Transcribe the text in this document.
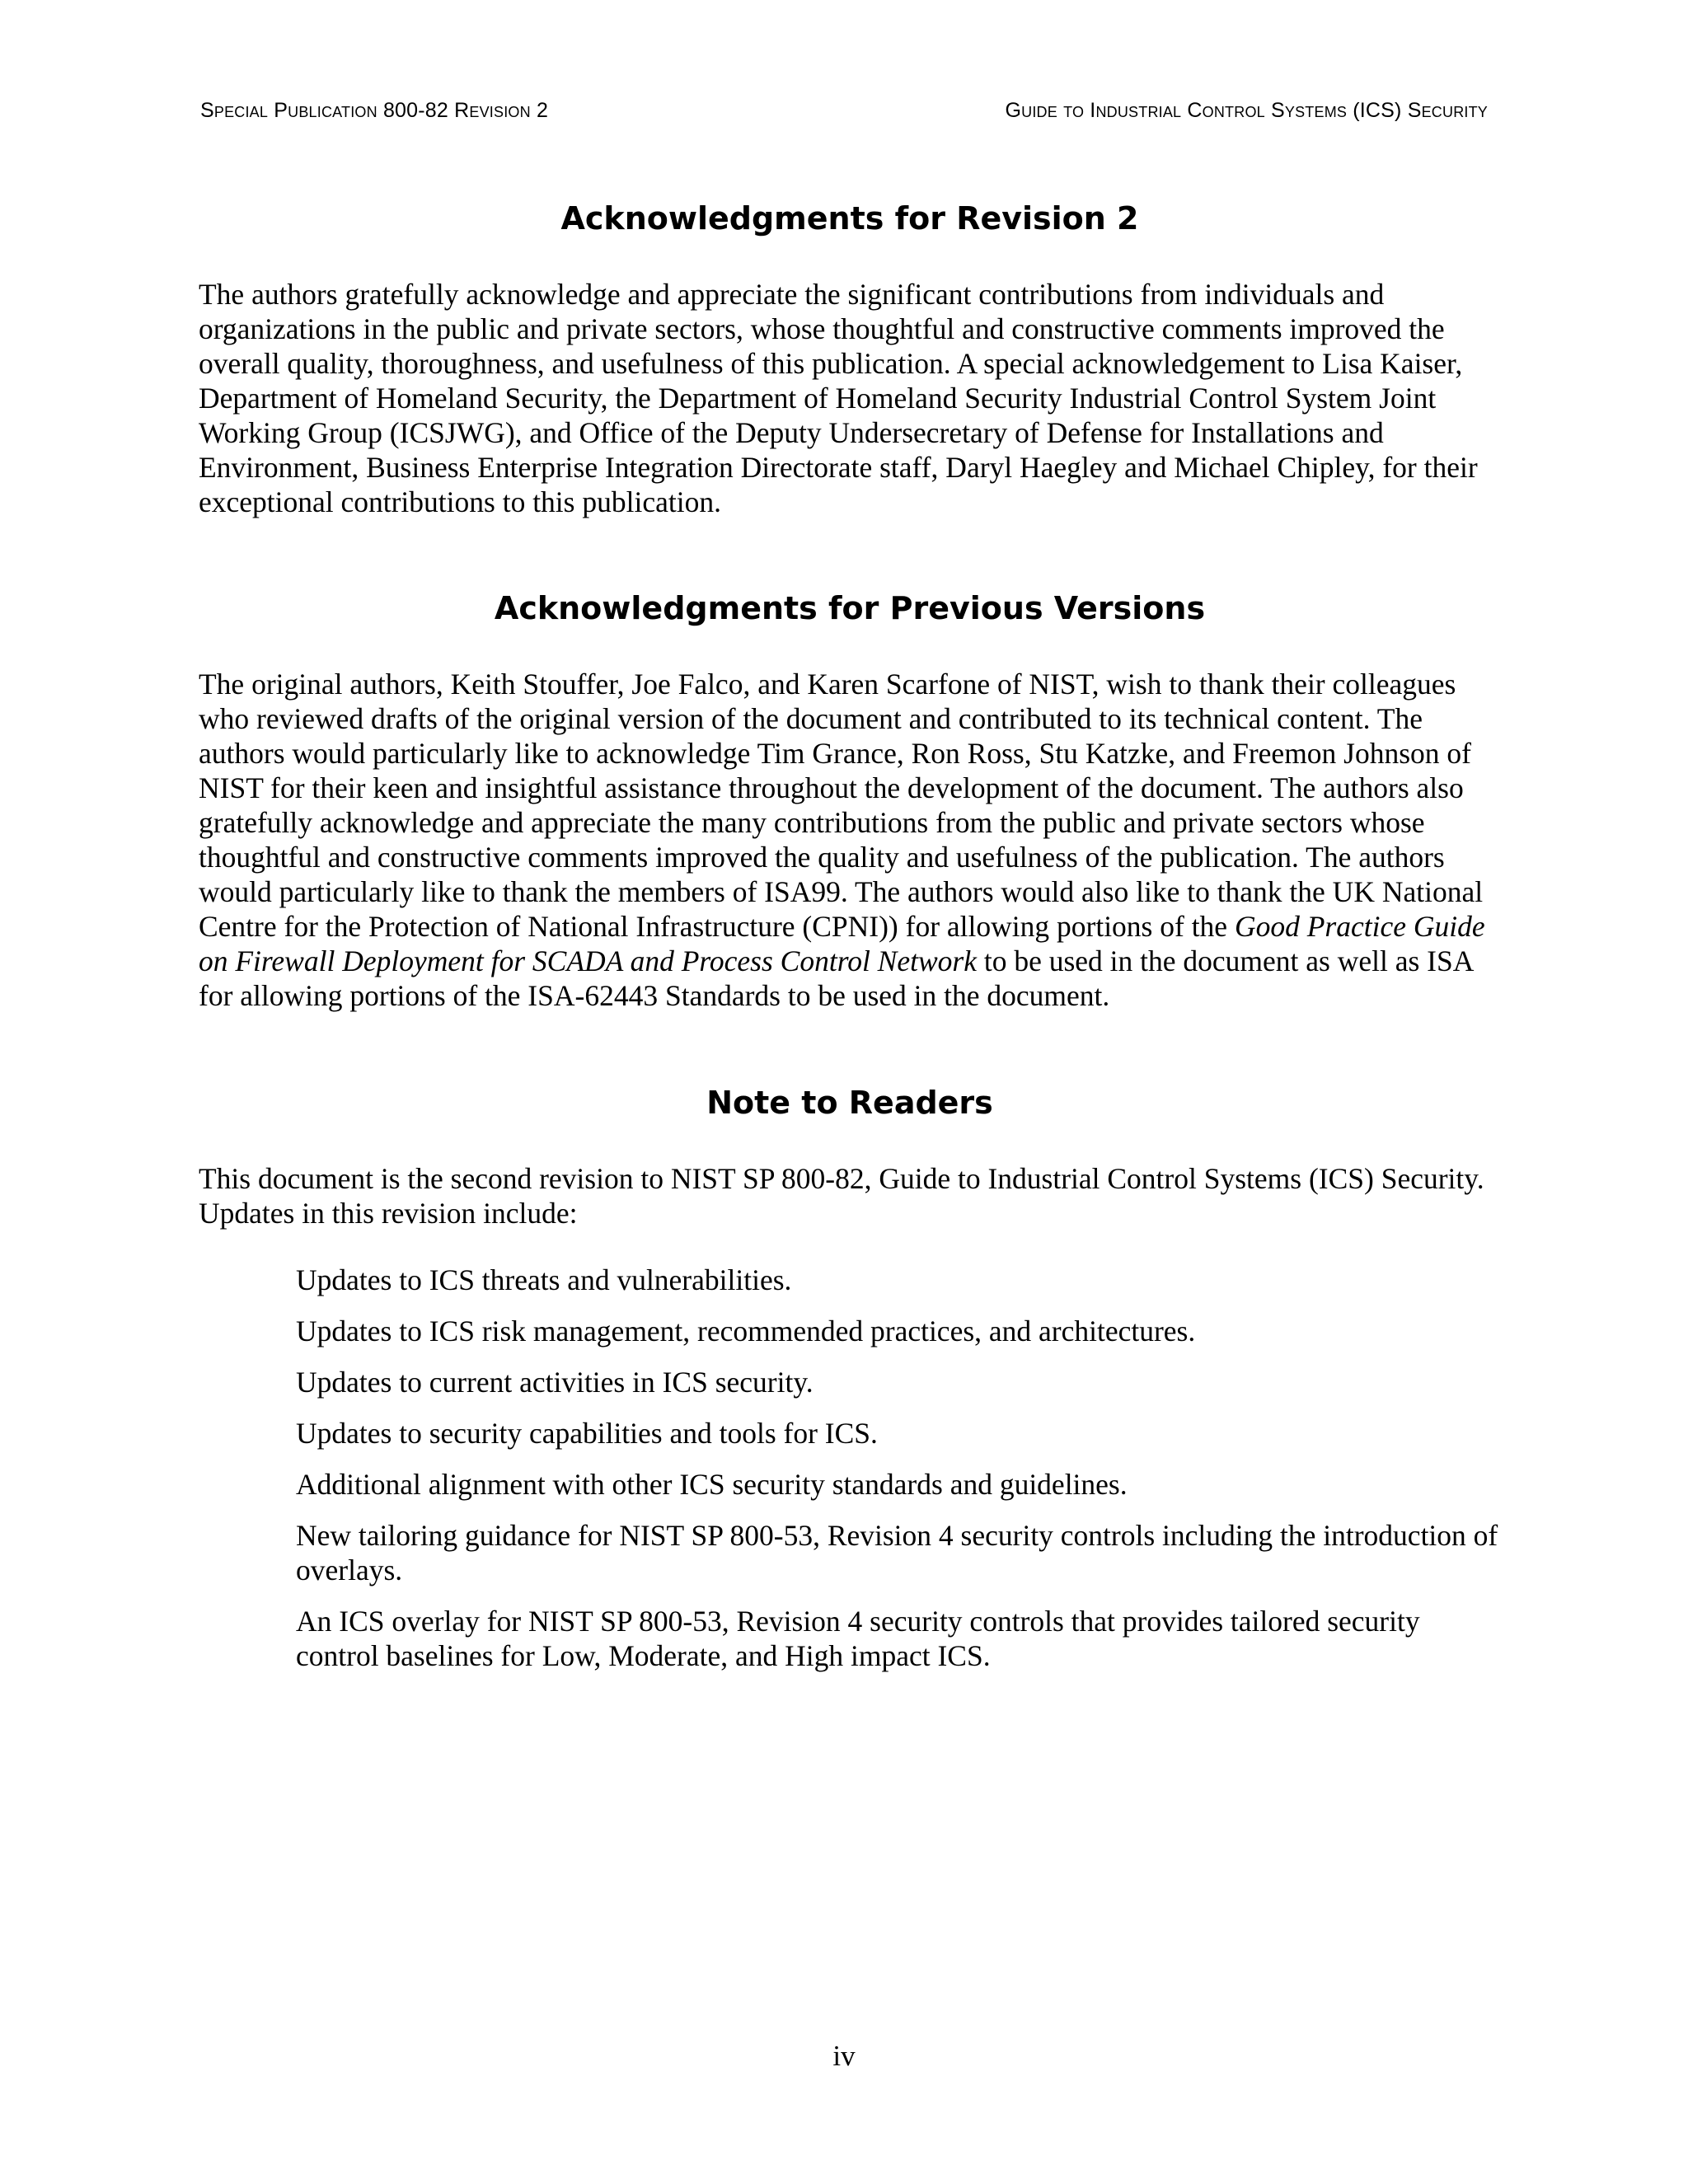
Special Publication 800-82 Revision 2	Guide to Industrial Control Systems (ICS) Security
Acknowledgments for Revision 2

The authors gratefully acknowledge and appreciate the significant contributions from individuals and organizations in the public and private sectors, whose thoughtful and constructive comments improved the overall quality, thoroughness, and usefulness of this publication. A special acknowledgement to Lisa Kaiser, Department of Homeland Security, the Department of Homeland Security Industrial Control System Joint Working Group (ICSJWG), and Office of the Deputy Undersecretary of Defense for Installations and Environment, Business Enterprise Integration Directorate staff, Daryl Haegley and Michael Chipley, for their exceptional contributions to this publication.

Acknowledgments for Previous Versions

The original authors, Keith Stouffer, Joe Falco, and Karen Scarfone of NIST, wish to thank their colleagues who reviewed drafts of the original version of the document and contributed to its technical content. The authors would particularly like to acknowledge Tim Grance, Ron Ross, Stu Katzke, and Freemon Johnson of NIST for their keen and insightful assistance throughout the development of the document. The authors also gratefully acknowledge and appreciate the many contributions from the public and private sectors whose thoughtful and constructive comments improved the quality and usefulness of the publication. The authors would particularly like to thank the members of ISA99. The authors would also like to thank the UK National Centre for the Protection of National Infrastructure (CPNI)) for allowing portions of the Good Practice Guide on Firewall Deployment for SCADA and Process Control Network to be used in the document as well as ISA for allowing portions of the ISA-62443 Standards to be used in the document.

Note to Readers

This document is the second revision to NIST SP 800-82, Guide to Industrial Control Systems (ICS) Security. Updates in this revision include:

Updates to ICS threats and vulnerabilities.
Updates to ICS risk management, recommended practices, and architectures.
Updates to current activities in ICS security.
Updates to security capabilities and tools for ICS.
Additional alignment with other ICS security standards and guidelines.
New tailoring guidance for NIST SP 800-53, Revision 4 security controls including the introduction of overlays.
An ICS overlay for NIST SP 800-53, Revision 4 security controls that provides tailored security control baselines for Low, Moderate, and High impact ICS.
iv
